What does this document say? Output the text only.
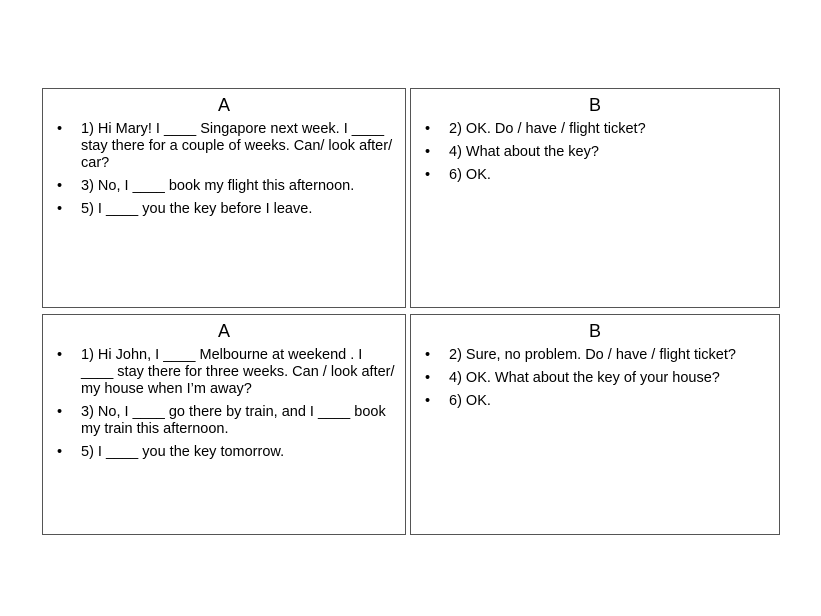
A
• 1) Hi Mary! I ____ Singapore next week. I ____ stay there for a couple of weeks. Can/ look after/ car?
• 3) No, I ____ book my flight this afternoon.
• 5) I ____ you the key before I leave.
B
• 2) OK. Do / have / flight ticket?
• 4) What about the key?
• 6) OK.
A
• 1) Hi John, I ____ Melbourne at weekend . I ____ stay there for three weeks. Can / look after/ my house when I’m away?
• 3) No, I ____ go there by train, and I ____ book my train this afternoon.
• 5) I ____ you the key tomorrow.
B
• 2) Sure, no problem. Do / have / flight ticket?
• 4) OK. What about the key of your house?
• 6) OK.
